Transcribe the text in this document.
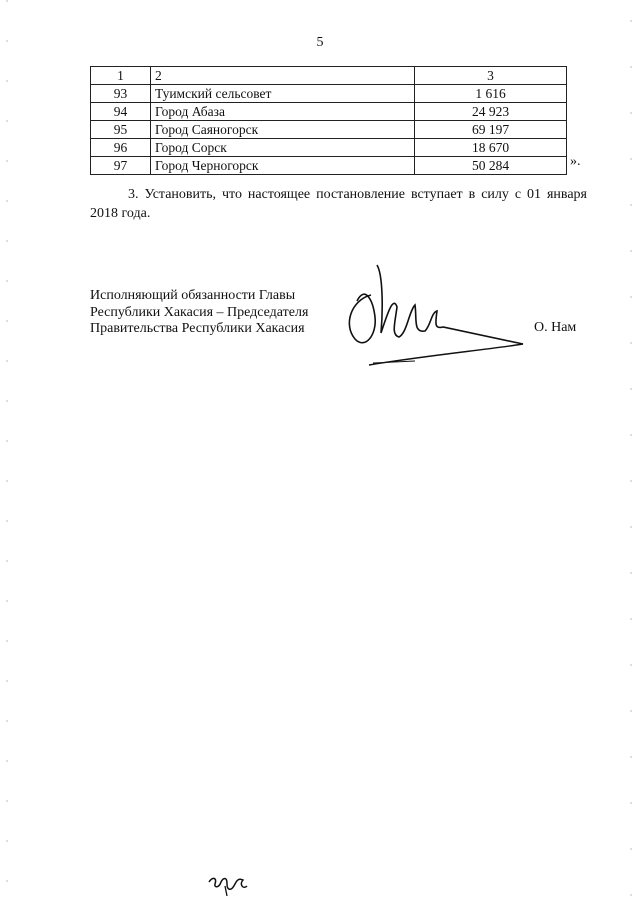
5
1	2	3
93	Туимский сельсовет	1 616
94	Город Абаза	24 923
95	Город Саяногорск	69 197
96	Город Сорск	18 670
97	Город Черногорск	50 284	».

3. Установить, что настоящее постановление вступает в силу с 01 января 2018 года.

Исполняющий обязанности Главы
Республики Хакасия – Председателя
Правительства Республики Хакасия	О. Нам
